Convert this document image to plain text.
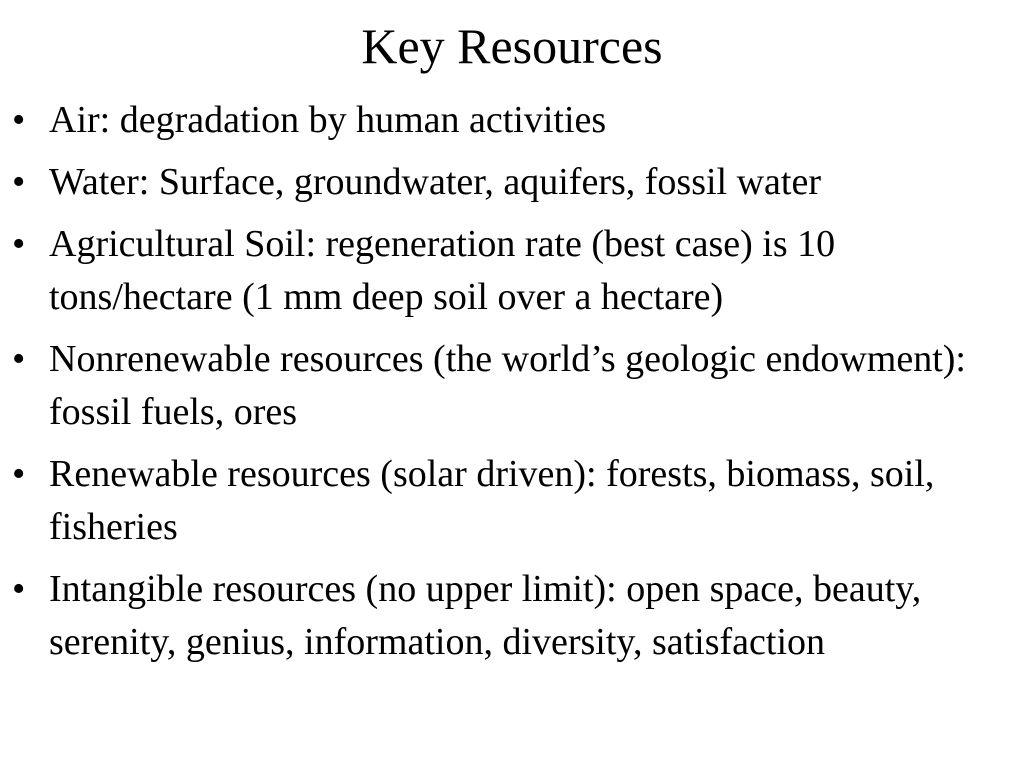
Key Resources
• Air: degradation by human activities
• Water: Surface, groundwater, aquifers, fossil water
• Agricultural Soil: regeneration rate (best case) is 10 tons/hectare (1 mm deep soil over a hectare)
• Nonrenewable resources (the world’s geologic endowment): fossil fuels, ores
• Renewable resources (solar driven): forests, biomass, soil, fisheries
• Intangible resources (no upper limit): open space, beauty, serenity, genius, information, diversity, satisfaction
